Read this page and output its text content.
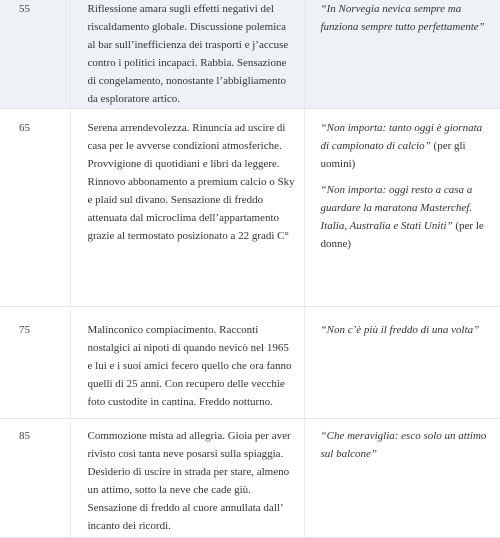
55	Riflessione amara sugli effetti negativi del riscaldamento globale. Discussione polemica al bar sull’inefficienza dei trasporti e j’accuse contro i politici incapaci. Rabbia. Sensazione di congelamento, nonostante l’abbigliamento da esploratore artico.	“In Norvegia nevica sempre ma funziona sempre tutto perfettamente”

65	Serena arrendevolezza. Rinuncia ad uscire di casa per le avverse condizioni atmosferiche. Provvigione di quotidiani e libri da leggere. Rinnovo abbonamento a premium calcio o Sky e plaid sul divano. Sensazione di freddo attenuata dal microclima dell’appartamento grazie al termostato posizionato a 22 gradi C°	“Non importa: tanto oggi è giornata di campionato di calcio” (per gli uomini)

“Non importa: oggi resto a casa a guardare la maratona Masterchef. Italia, Australia e Stati Uniti” (per le donne)

75	Malinconico compiacimento. Racconti nostalgici ai nipoti di quando nevicò nel 1965 e lui e i suoi amici fecero quello che ora fanno quelli di 25 anni. Con recupero delle vecchie foto custodite in cantina. Freddo notturno.	“Non c’è più il freddo di una volta”

85	Commozione mista ad allegria. Gioia per aver rivisto così tanta neve posarsi sulla spiaggia. Desiderio di uscire in strada per stare, almeno un attimo, sotto la neve che cade giù. Sensazione di freddo al cuore annullata dall’ incanto dei ricordi.	“Che meraviglia: esco solo un attimo sul balcone”
